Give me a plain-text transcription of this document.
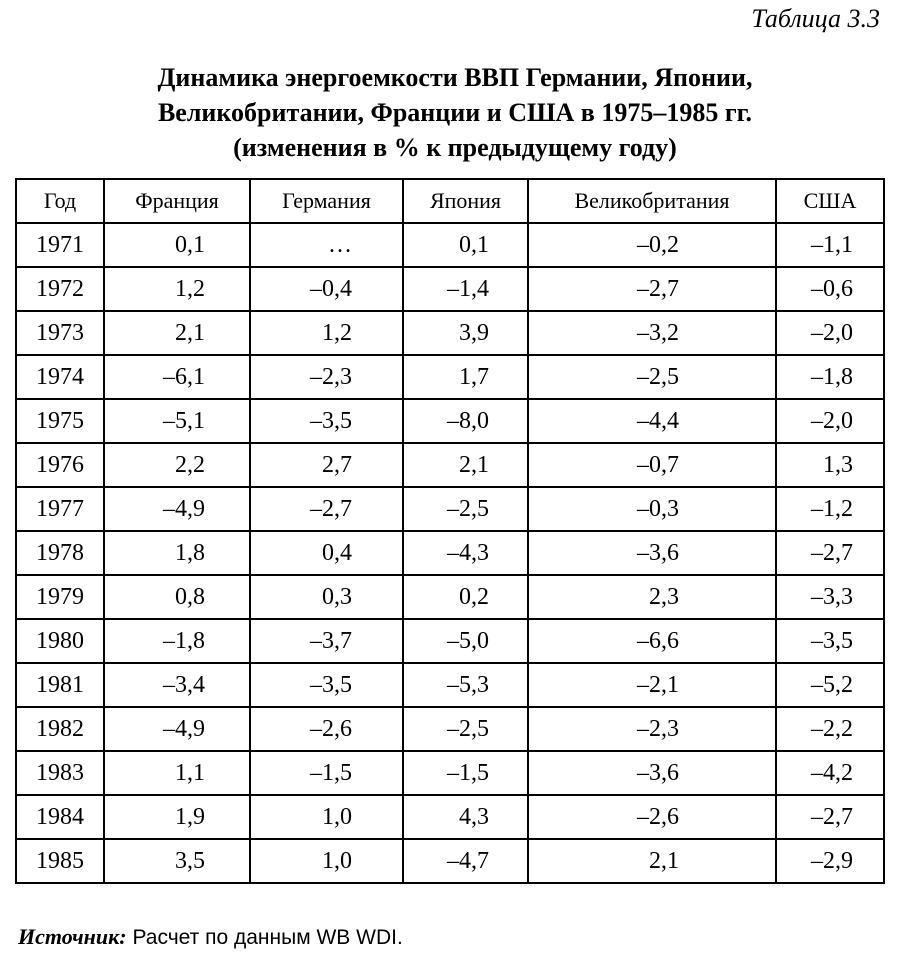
Таблица 3.3
Динамика энергоемкости ВВП Германии, Японии,
Великобритании, Франции и США в 1975–1985 гг.
(изменения в % к предыдущему году)
Год	Франция	Германия	Япония	Великобритания	США
1971	0,1	…	0,1	–0,2	–1,1
1972	1,2	–0,4	–1,4	–2,7	–0,6
1973	2,1	1,2	3,9	–3,2	–2,0
1974	–6,1	–2,3	1,7	–2,5	–1,8
1975	–5,1	–3,5	–8,0	–4,4	–2,0
1976	2,2	2,7	2,1	–0,7	1,3
1977	–4,9	–2,7	–2,5	–0,3	–1,2
1978	1,8	0,4	–4,3	–3,6	–2,7
1979	0,8	0,3	0,2	2,3	–3,3
1980	–1,8	–3,7	–5,0	–6,6	–3,5
1981	–3,4	–3,5	–5,3	–2,1	–5,2
1982	–4,9	–2,6	–2,5	–2,3	–2,2
1983	1,1	–1,5	–1,5	–3,6	–4,2
1984	1,9	1,0	4,3	–2,6	–2,7
1985	3,5	1,0	–4,7	2,1	–2,9
Источник: Расчет по данным WB WDI.
